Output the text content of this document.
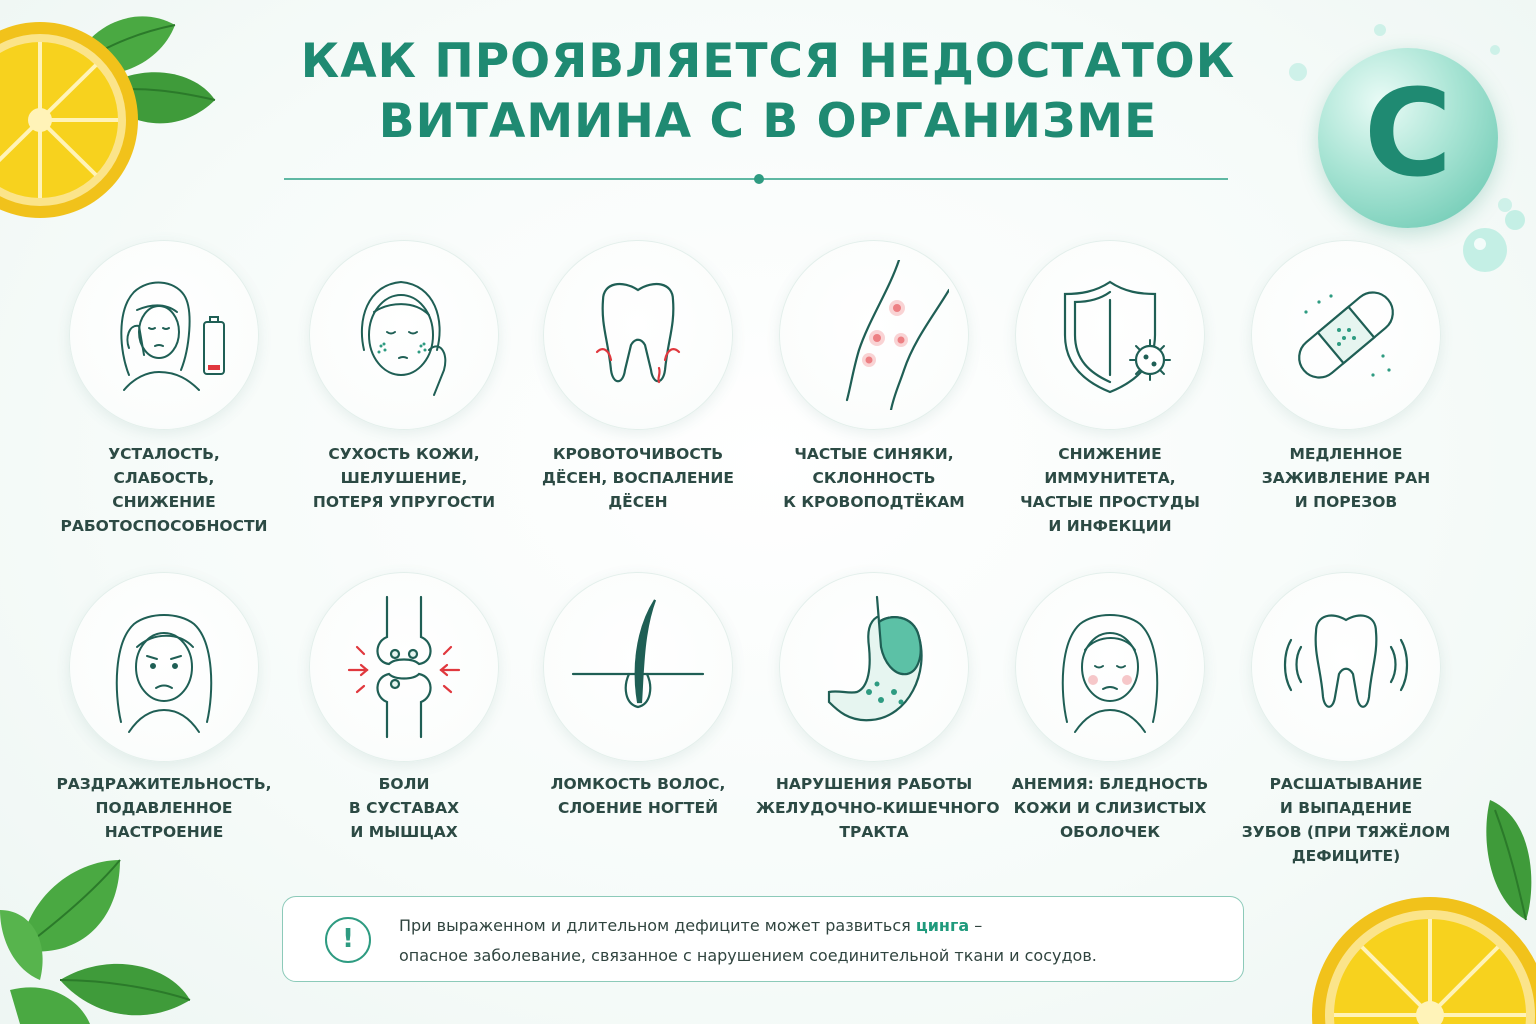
C
КАК ПРОЯВЛЯЕТСЯ НЕДОСТАТОК
ВИТАМИНА С В ОРГАНИЗМЕ
УСТАЛОСТЬ,
СЛАБОСТЬ,
СНИЖЕНИЕ
РАБОТОСПОСОБНОСТИ
СУХОСТЬ КОЖИ,
ШЕЛУШЕНИЕ,
ПОТЕРЯ УПРУГОСТИ
КРОВОТОЧИВОСТЬ
ДЁСЕН, ВОСПАЛЕНИЕ
ДЁСЕН
ЧАСТЫЕ СИНЯКИ,
СКЛОННОСТЬ
К КРОВОПОДТЁКАМ
СНИЖЕНИЕ
ИММУНИТЕТА,
ЧАСТЫЕ ПРОСТУДЫ
И ИНФЕКЦИИ
МЕДЛЕННОЕ
ЗАЖИВЛЕНИЕ РАН
И ПОРЕЗОВ
РАЗДРАЖИТЕЛЬНОСТЬ,
ПОДАВЛЕННОЕ
НАСТРОЕНИЕ
БОЛИ
В СУСТАВАХ
И МЫШЦАХ
ЛОМКОСТЬ ВОЛОС,
СЛОЕНИЕ НОГТЕЙ
НАРУШЕНИЯ РАБОТЫ
ЖЕЛУДОЧНО-КИШЕЧНОГО
ТРАКТА
АНЕМИЯ: БЛЕДНОСТЬ
КОЖИ И СЛИЗИСТЫХ
ОБОЛОЧЕК
РАСШАТЫВАНИЕ
И ВЫПАДЕНИЕ
ЗУБОВ (ПРИ ТЯЖЁЛОМ
ДЕФИЦИТЕ)
!	При выраженном и длительном дефиците может развиться цинга –
опасное заболевание, связанное с нарушением соединительной ткани и сосудов.
